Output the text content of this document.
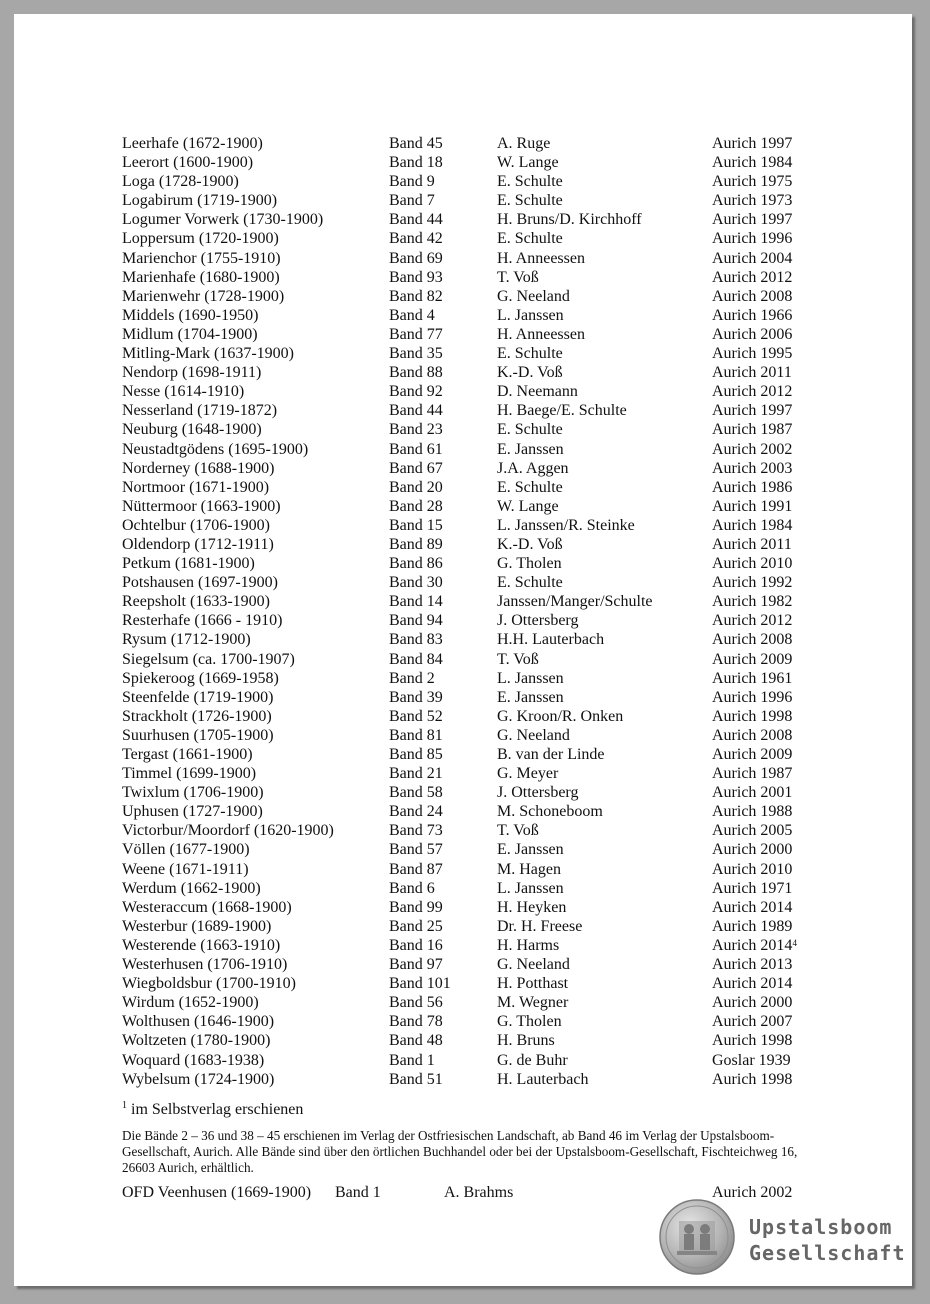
Leerhafe (1672-1900)	Band 45	A. Ruge	Aurich 1997
Leerort (1600-1900)	Band 18	W. Lange	Aurich 1984
Loga (1728-1900)	Band 9	E. Schulte	Aurich 1975
Logabirum (1719-1900)	Band 7	E. Schulte	Aurich 1973
Logumer Vorwerk (1730-1900)	Band 44	H. Bruns/D. Kirchhoff	Aurich 1997
Loppersum (1720-1900)	Band 42	E. Schulte	Aurich 1996
Marienchor (1755-1910)	Band 69	H. Anneessen	Aurich 2004
Marienhafe (1680-1900)	Band 93	T. Voß	Aurich 2012
Marienwehr (1728-1900)	Band 82	G. Neeland	Aurich 2008
Middels (1690-1950)	Band 4	L. Janssen	Aurich 1966
Midlum (1704-1900)	Band 77	H. Anneessen	Aurich 2006
Mitling-Mark (1637-1900)	Band 35	E. Schulte	Aurich 1995
Nendorp (1698-1911)	Band 88	K.-D. Voß	Aurich 2011
Nesse (1614-1910)	Band 92	D. Neemann	Aurich 2012
Nesserland (1719-1872)	Band 44	H. Baege/E. Schulte	Aurich 1997
Neuburg (1648-1900)	Band 23	E. Schulte	Aurich 1987
Neustadtgödens (1695-1900)	Band 61	E. Janssen	Aurich 2002
Norderney (1688-1900)	Band 67	J.A. Aggen	Aurich 2003
Nortmoor (1671-1900)	Band 20	E. Schulte	Aurich 1986
Nüttermoor (1663-1900)	Band 28	W. Lange	Aurich 1991
Ochtelbur (1706-1900)	Band 15	L. Janssen/R. Steinke	Aurich 1984
Oldendorp (1712-1911)	Band 89	K.-D. Voß	Aurich 2011
Petkum (1681-1900)	Band 86	G. Tholen	Aurich 2010
Potshausen (1697-1900)	Band 30	E. Schulte	Aurich 1992
Reepsholt (1633-1900)	Band 14	Janssen/Manger/Schulte	Aurich 1982
Resterhafe (1666 - 1910)	Band 94	J. Ottersberg	Aurich 2012
Rysum (1712-1900)	Band 83	H.H. Lauterbach	Aurich 2008
Siegelsum (ca. 1700-1907)	Band 84	T. Voß	Aurich 2009
Spiekeroog (1669-1958)	Band 2	L. Janssen	Aurich 1961
Steenfelde (1719-1900)	Band 39	E. Janssen	Aurich 1996
Strackholt (1726-1900)	Band 52	G. Kroon/R. Onken	Aurich 1998
Suurhusen (1705-1900)	Band 81	G. Neeland	Aurich 2008
Tergast (1661-1900)	Band 85	B. van der Linde	Aurich 2009
Timmel (1699-1900)	Band 21	G. Meyer	Aurich 1987
Twixlum (1706-1900)	Band 58	J. Ottersberg	Aurich 2001
Uphusen (1727-1900)	Band 24	M. Schoneboom	Aurich 1988
Victorbur/Moordorf (1620-1900)	Band 73	T. Voß	Aurich 2005
Völlen (1677-1900)	Band 57	E. Janssen	Aurich 2000
Weene (1671-1911)	Band 87	M. Hagen	Aurich 2010
Werdum (1662-1900)	Band 6	L. Janssen	Aurich 1971
Westeraccum (1668-1900)	Band 99	H. Heyken	Aurich 2014
Westerbur (1689-1900)	Band 25	Dr. H. Freese	Aurich 1989
Westerende (1663-1910)	Band 16	H. Harms	Aurich 2014$^4$
Westerhusen (1706-1910)	Band 97	G. Neeland	Aurich 2013
Wiegboldsbur (1700-1910)	Band 101	H. Potthast	Aurich 2014
Wirdum (1652-1900)	Band 56	M. Wegner	Aurich 2000
Wolthusen (1646-1900)	Band 78	G. Tholen	Aurich 2007
Woltzeten (1780-1900)	Band 48	H. Bruns	Aurich 1998
Woquard (1683-1938)	Band 1	G. de Buhr	Goslar 1939
Wybelsum (1724-1900)	Band 51	H. Lauterbach	Aurich 1998
$^1$ im Selbstverlag erschienen
Die Bände 2 – 36 und 38 – 45 erschienen im Verlag der Ostfriesischen Landschaft, ab Band 46 im Verlag der Upstalsboom-Gesellschaft, Aurich. Alle Bände sind über den örtlichen Buchhandel oder bei der Upstalsboom-Gesellschaft, Fischteichweg 16, 26603 Aurich, erhältlich.
OFD Veenhusen (1669-1900) Band 1	A. Brahms	Aurich 2002
Upstalsboom
Gesellschaft
